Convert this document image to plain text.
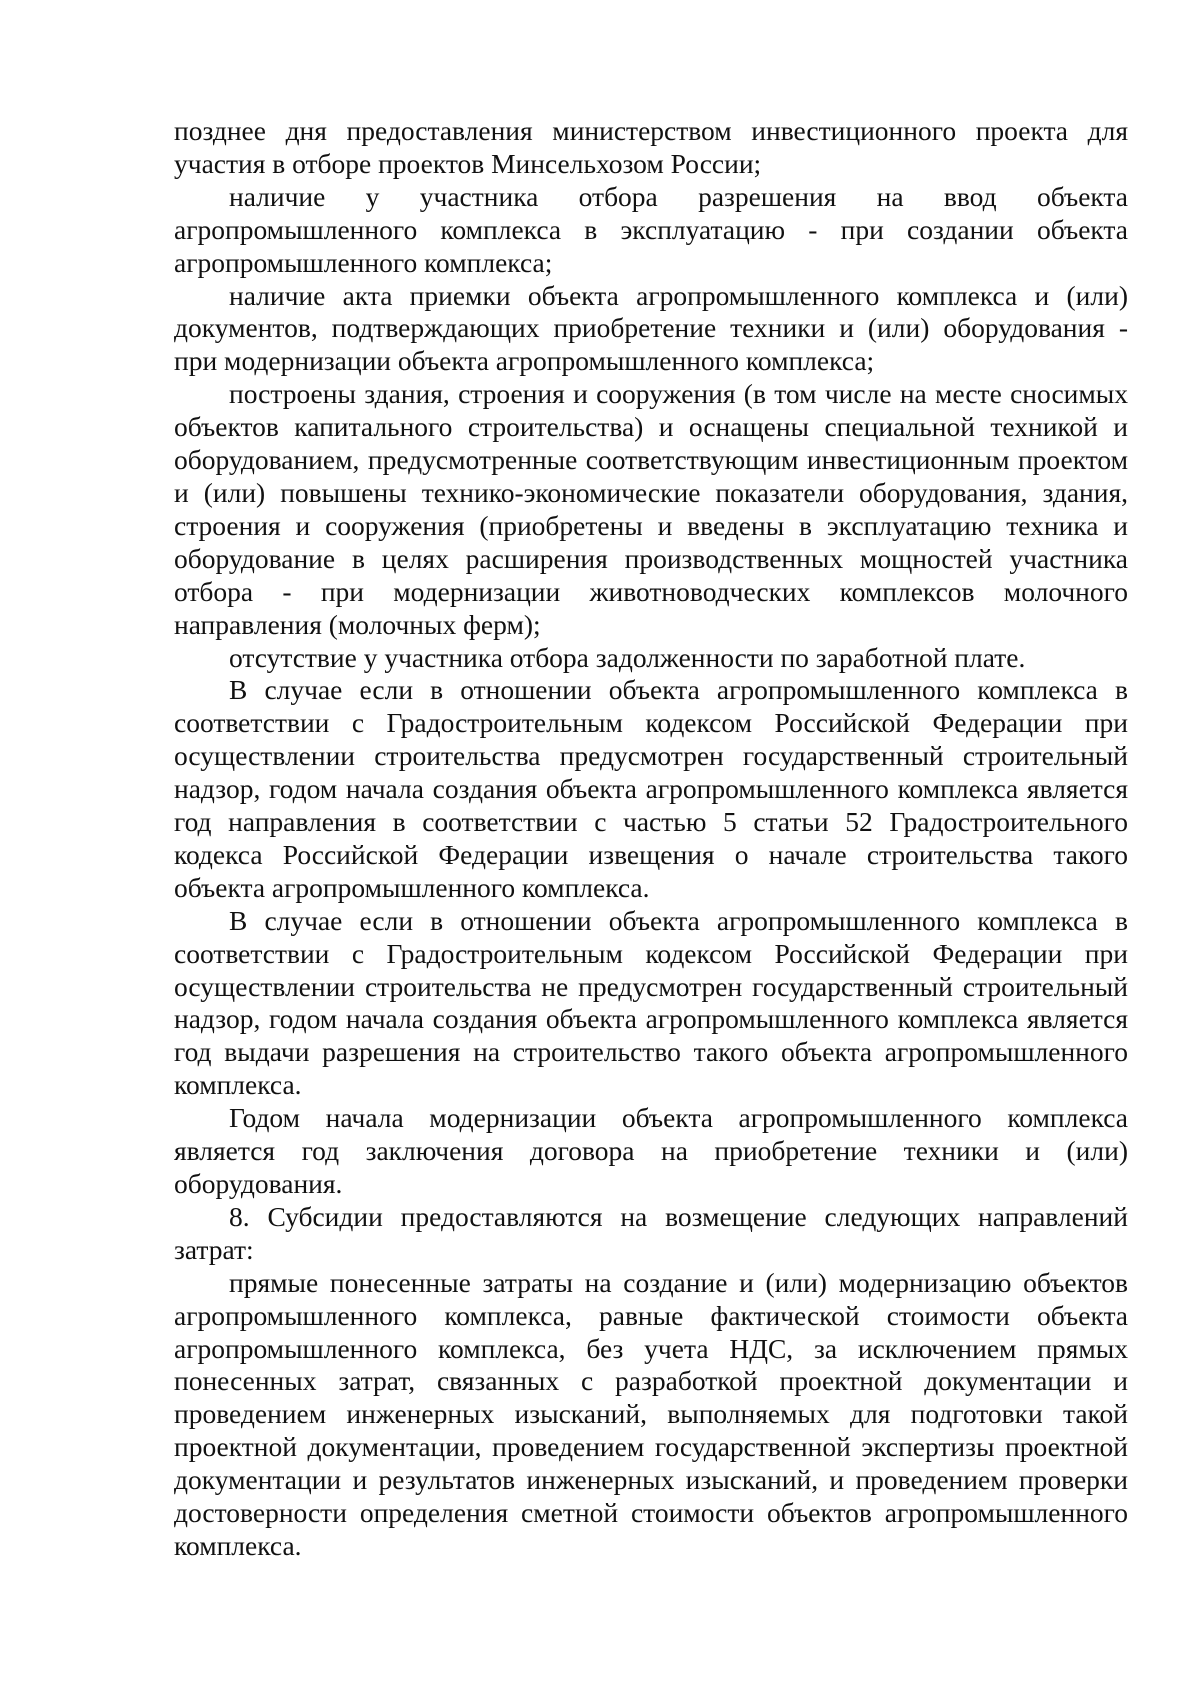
позднее дня предоставления министерством инвестиционного проекта для участия в отборе проектов Минсельхозом России;

наличие у участника отбора разрешения на ввод объекта агропромышленного комплекса в эксплуатацию - при создании объекта агропромышленного комплекса;

наличие акта приемки объекта агропромышленного комплекса и (или) документов, подтверждающих приобретение техники и (или) оборудования - при модернизации объекта агропромышленного комплекса;

построены здания, строения и сооружения (в том числе на месте сносимых объектов капитального строительства) и оснащены специальной техникой и оборудованием, предусмотренные соответствующим инвестиционным проектом и (или) повышены технико-экономические показатели оборудования, здания, строения и сооружения (приобретены и введены в эксплуатацию техника и оборудование в целях расширения производственных мощностей участника отбора - при модернизации животноводческих комплексов молочного направления (молочных ферм);

отсутствие у участника отбора задолженности по заработной плате.

В случае если в отношении объекта агропромышленного комплекса в соответствии с Градостроительным кодексом Российской Федерации при осуществлении строительства предусмотрен государственный строительный надзор, годом начала создания объекта агропромышленного комплекса является год направления в соответствии с частью 5 статьи 52 Градостроительного кодекса Российской Федерации извещения о начале строительства такого объекта агропромышленного комплекса.

В случае если в отношении объекта агропромышленного комплекса в соответствии с Градостроительным кодексом Российской Федерации при осуществлении строительства не предусмотрен государственный строительный надзор, годом начала создания объекта агропромышленного комплекса является год выдачи разрешения на строительство такого объекта агропромышленного комплекса.

Годом начала модернизации объекта агропромышленного комплекса является год заключения договора на приобретение техники и (или) оборудования.

8. Субсидии предоставляются на возмещение следующих направлений затрат:

прямые понесенные затраты на создание и (или) модернизацию объектов агропромышленного комплекса, равные фактической стоимости объекта агропромышленного комплекса, без учета НДС, за исключением прямых понесенных затрат, связанных с разработкой проектной документации и проведением инженерных изысканий, выполняемых для подготовки такой проектной документации, проведением государственной экспертизы проектной документации и результатов инженерных изысканий, и проведением проверки достоверности определения сметной стоимости объектов агропромышленного комплекса.
